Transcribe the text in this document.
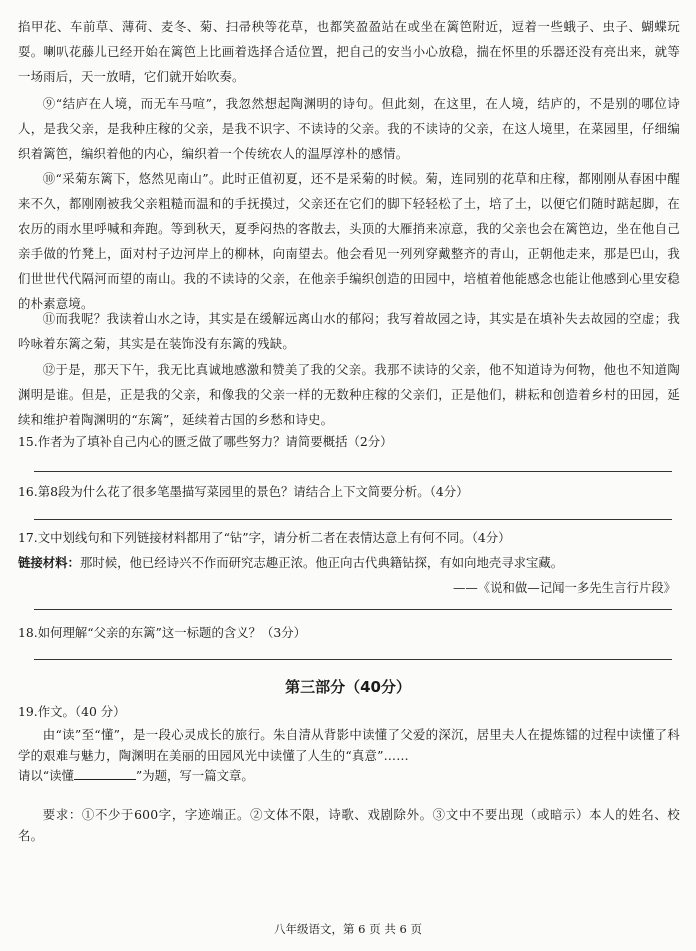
掐甲花、车前草、薄荷、麦冬、菊、扫帚秧等花草，也都笑盈盈站在或坐在篱笆附近，逗着一些蛾子、虫子、蝴蝶玩耍。喇叭花藤儿已经开始在篱笆上比画着选择合适位置，把自己的安当小心放稳，揣在怀里的乐器还没有亮出来，就等一场雨后，天一放晴，它们就开始吹奏。
⑨“结庐在人境，而无车马喧”，我忽然想起陶渊明的诗句。但此刻，在这里，在人境，结庐的，不是别的哪位诗人，是我父亲，是我种庄稼的父亲，是我不识字、不读诗的父亲。我的不读诗的父亲，在这人境里，在菜园里，仔细编织着篱笆，编织着他的内心，编织着一个传统农人的温厚淳朴的感情。
⑩“采菊东篱下，悠然见南山”。此时正值初夏，还不是采菊的时候。菊，连同别的花草和庄稼，都刚刚从春困中醒来不久，都刚刚被我父亲粗糙而温和的手抚摸过，父亲还在它们的脚下轻轻松了土，培了土，以便它们随时踮起脚，在农历的雨水里呼喊和奔跑。等到秋天，夏季闷热的客散去，头顶的大雁捎来凉意，我的父亲也会在篱笆边，坐在他自己亲手做的竹凳上，面对村子边河岸上的柳林，向南望去。他会看见一列列穿戴整齐的青山，正朝他走来，那是巴山，我们世世代代隔河而望的南山。我的不读诗的父亲，在他亲手编织创造的田园中，培植着他能感念也能让他感到心里安稳的朴素意境。
⑪而我呢？我读着山水之诗，其实是在缓解远离山水的郁闷；我写着故园之诗，其实是在填补失去故园的空虚；我吟咏着东篱之菊，其实是在装饰没有东篱的残缺。
⑫于是，那天下午，我无比真诚地感激和赞美了我的父亲。我那不读诗的父亲，他不知道诗为何物，他也不知道陶渊明是谁。但是，正是我的父亲，和像我的父亲一样的无数种庄稼的父亲们，正是他们，耕耘和创造着乡村的田园，延续和维护着陶渊明的“东篱”，延续着古国的乡愁和诗史。
15.作者为了填补自己内心的匮乏做了哪些努力？请简要概括（2分）
16.第8段为什么花了很多笔墨描写菜园里的景色？请结合上下文简要分析。（4分）
17.文中划线句和下列链接材料都用了“钻”字，请分析二者在表情达意上有何不同。（4分）
链接材料：那时候，他已经诗兴不作而研究志趣正浓。他正向古代典籍钻探，有如向地壳寻求宝藏。
——《说和做—记闻一多先生言行片段》
18.如何理解“父亲的东篱”这一标题的含义？（3分）
第三部分（40分）
19.作文。（40 分）
由“读”至“懂”，是一段心灵成长的旅行。朱自清从背影中读懂了父爱的深沉，居里夫人在提炼镭的过程中读懂了科学的艰难与魅力，陶渊明在美丽的田园风光中读懂了人生的“真意”……
请以“读懂	”为题，写一篇文章。
要求：①不少于600字，字迹端正。②文体不限，诗歌、戏剧除外。③文中不要出现（或暗示）本人的姓名、校名。
八年级语文，第 6 页 共 6 页
